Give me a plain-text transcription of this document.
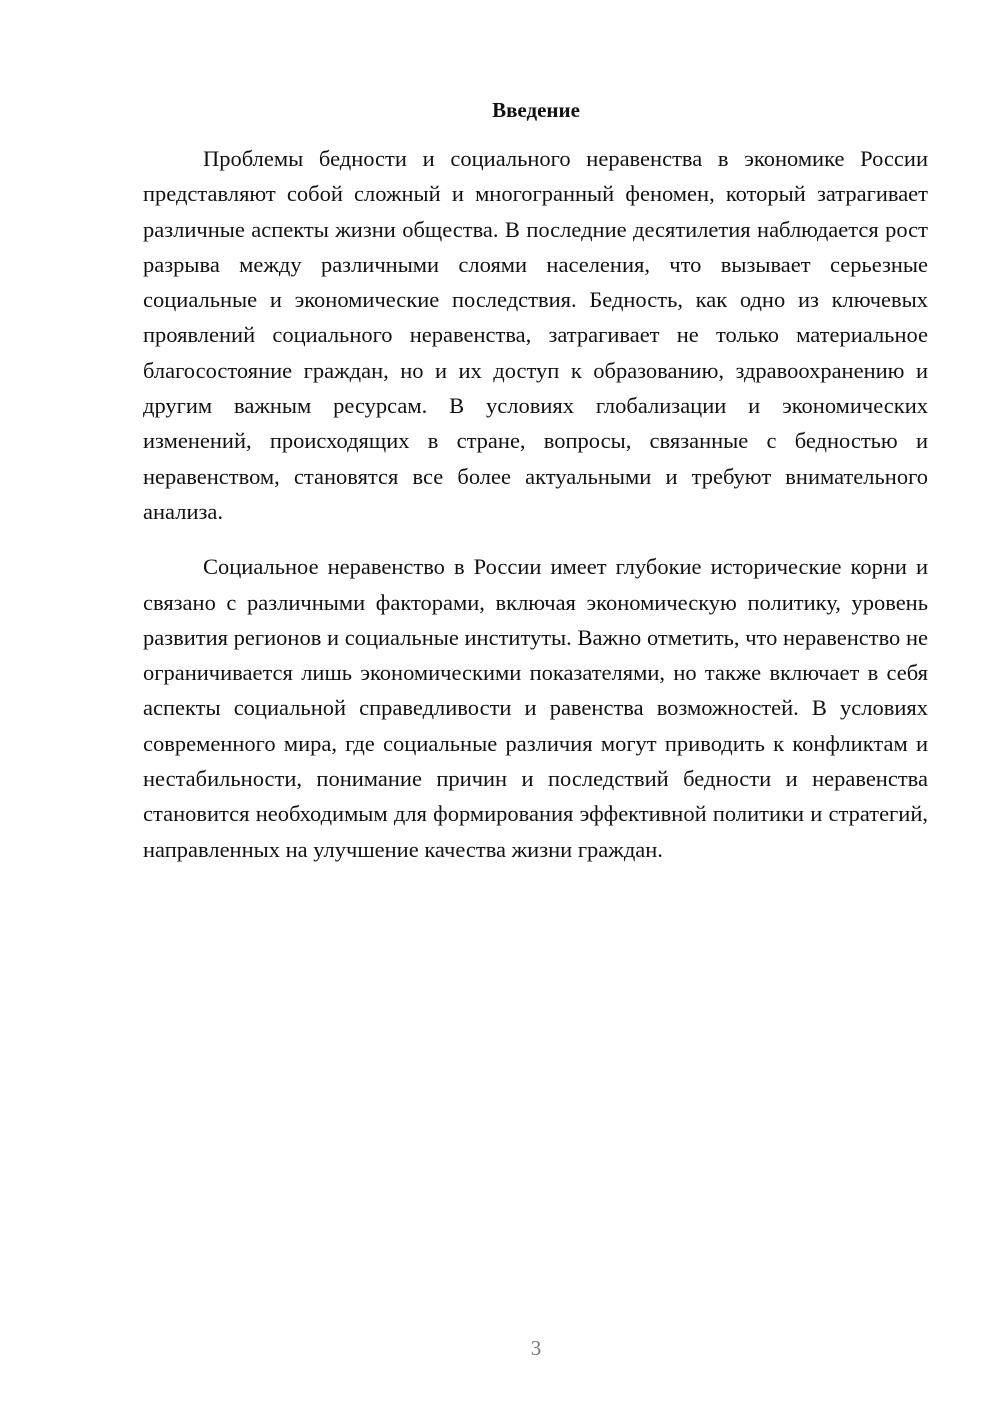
Введение

Проблемы бедности и социального неравенства в экономике России представляют собой сложный и многогранный феномен, который затрагивает различные аспекты жизни общества. В последние десятилетия наблюдается рост разрыва между различными слоями населения, что вызывает серьезные социальные и экономические последствия. Бедность, как одно из ключевых проявлений социального неравенства, затрагивает не только материальное благосостояние граждан, но и их доступ к образованию, здравоохранению и другим важным ресурсам. В условиях глобализации и экономических изменений, происходящих в стране, вопросы, связанные с бедностью и неравенством, становятся все более актуальными и требуют внимательного анализа.

Социальное неравенство в России имеет глубокие исторические корни и связано с различными факторами, включая экономическую политику, уровень развития регионов и социальные институты. Важно отметить, что неравенство не ограничивается лишь экономическими показателями, но также включает в себя аспекты социальной справедливости и равенства возможностей. В условиях современного мира, где социальные различия могут приводить к конфликтам и нестабильности, понимание причин и последствий бедности и неравенства становится необходимым для формирования эффективной политики и стратегий, направленных на улучшение качества жизни граждан.

3
